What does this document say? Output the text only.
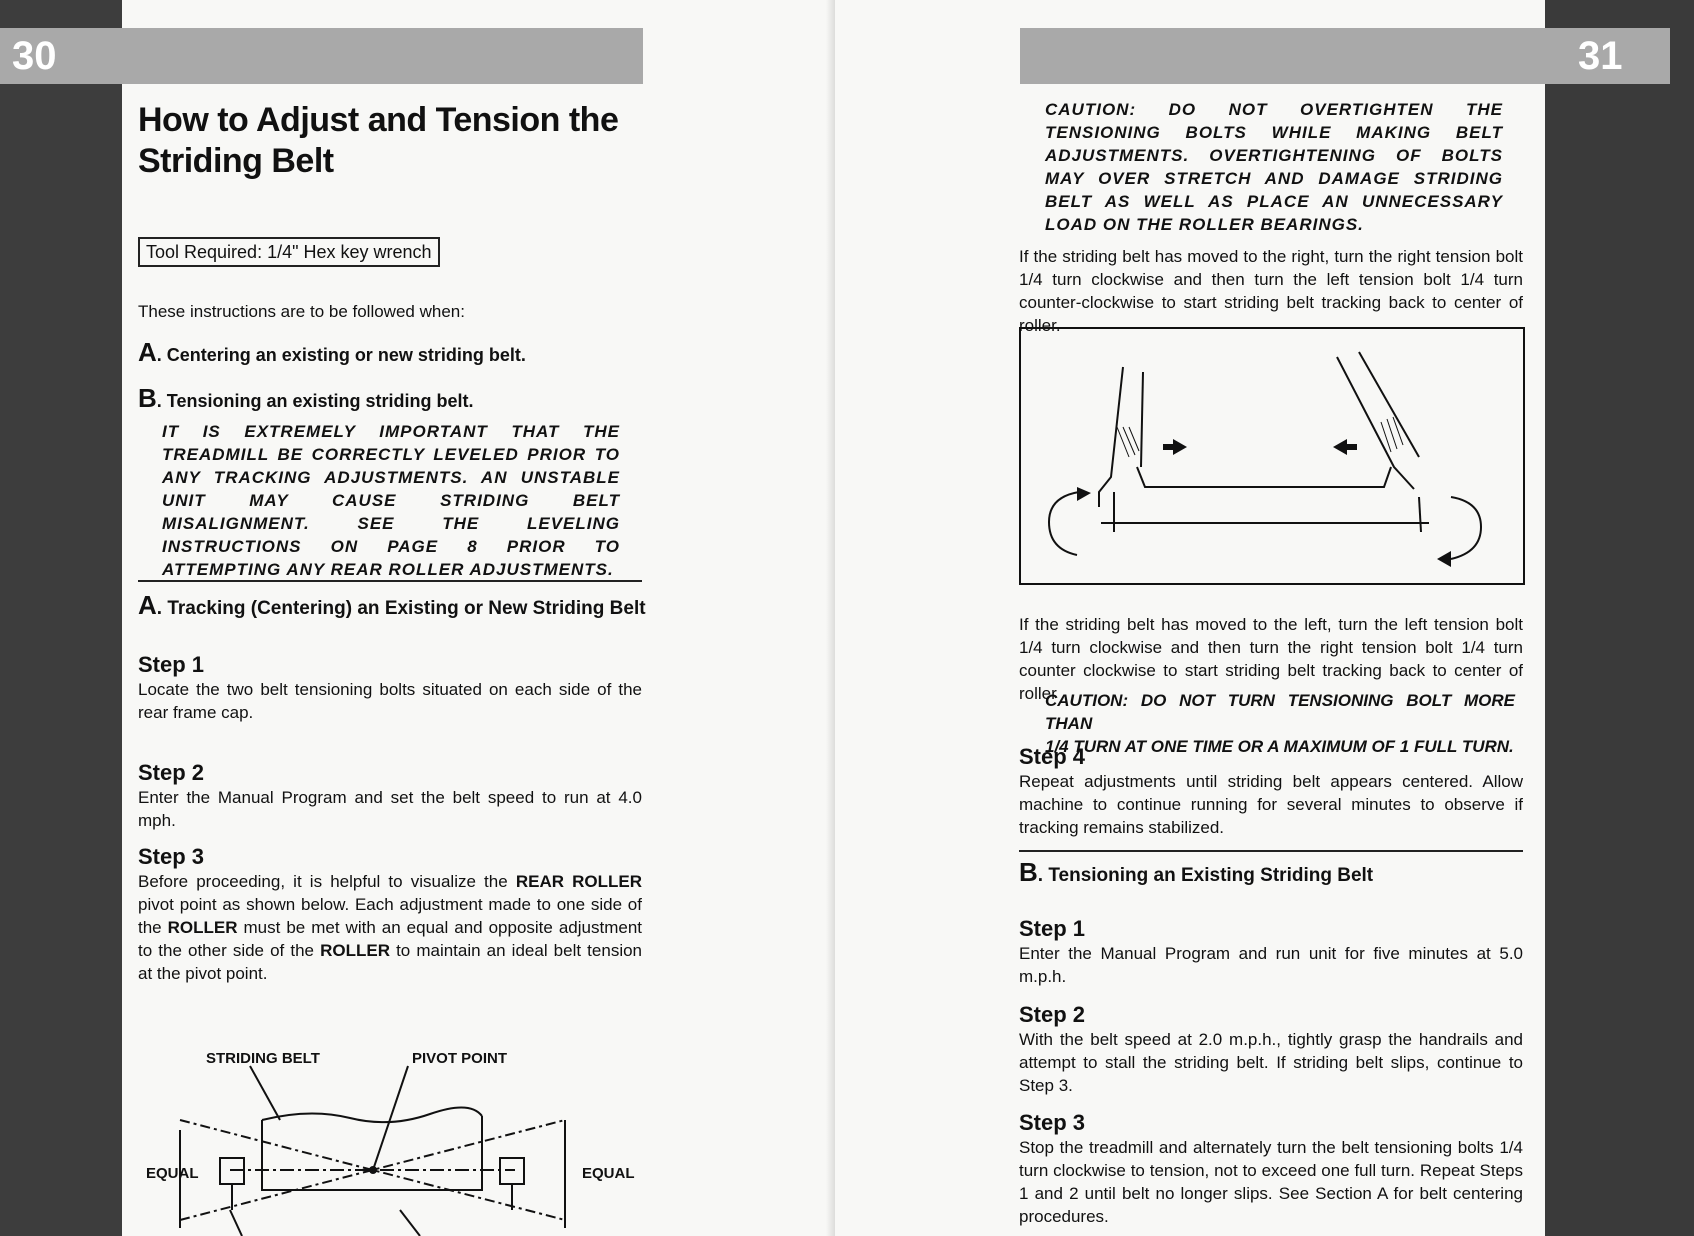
30
How to Adjust and Tension the
Striding Belt
Tool Required: 1/4" Hex key wrench

These instructions are to be followed when:

A. Centering an existing or new striding belt.
B. Tensioning an existing striding belt.

IT IS EXTREMELY IMPORTANT THAT THE TREADMILL BE CORRECTLY LEVELED PRIOR TO ANY TRACKING ADJUSTMENTS. AN UNSTABLE UNIT MAY CAUSE STRIDING BELT MISALIGNMENT. SEE THE LEVELING INSTRUCTIONS ON PAGE 8 PRIOR TO ATTEMPTING ANY REAR ROLLER ADJUSTMENTS.

A. Tracking (Centering) an Existing or New Striding Belt

Step 1

Locate the two belt tensioning bolts situated on each side of the rear frame cap.

Step 2

Enter the Manual Program and set the belt speed to run at 4.0 mph.

Step 3

Before proceeding, it is helpful to visualize the REAR ROLLER pivot point as shown below. Each adjustment made to one side of the ROLLER must be met with an equal and opposite adjustment to the other side of the ROLLER to maintain an ideal belt tension at the pivot point.

STRIDING BELT	PIVOT POINT
EQUAL	EQUAL
31

CAUTION: DO NOT OVERTIGHTEN THE TENSIONING BOLTS WHILE MAKING BELT ADJUSTMENTS. OVERTIGHTENING OF BOLTS MAY OVER STRETCH AND DAMAGE STRIDING BELT AS WELL AS PLACE AN UNNECESSARY LOAD ON THE ROLLER BEARINGS.

If the striding belt has moved to the right, turn the right tension bolt 1/4 turn clockwise and then turn the left tension bolt 1/4 turn counter-clockwise to start striding belt tracking back to center of roller.

If the striding belt has moved to the left, turn the left tension bolt 1/4 turn clockwise and then turn the right tension bolt 1/4 turn counter clockwise to start striding belt tracking back to center of roller

CAUTION: DO NOT TURN TENSIONING BOLT MORE THAN
1/4 TURN AT ONE TIME OR A MAXIMUM OF 1 FULL TURN.

Step 4

Repeat adjustments until striding belt appears centered. Allow machine to continue running for several minutes to observe if tracking remains stabilized.

B. Tensioning an Existing Striding Belt

Step 1

Enter the Manual Program and run unit for five minutes at 5.0 m.p.h.

Step 2

With the belt speed at 2.0 m.p.h., tightly grasp the handrails and attempt to stall the striding belt. If striding belt slips, continue to Step 3.

Step 3

Stop the treadmill and alternately turn the belt tensioning bolts 1/4 turn clockwise to tension, not to exceed one full turn. Repeat Steps 1 and 2 until belt no longer slips. See Section A for belt centering procedures.
